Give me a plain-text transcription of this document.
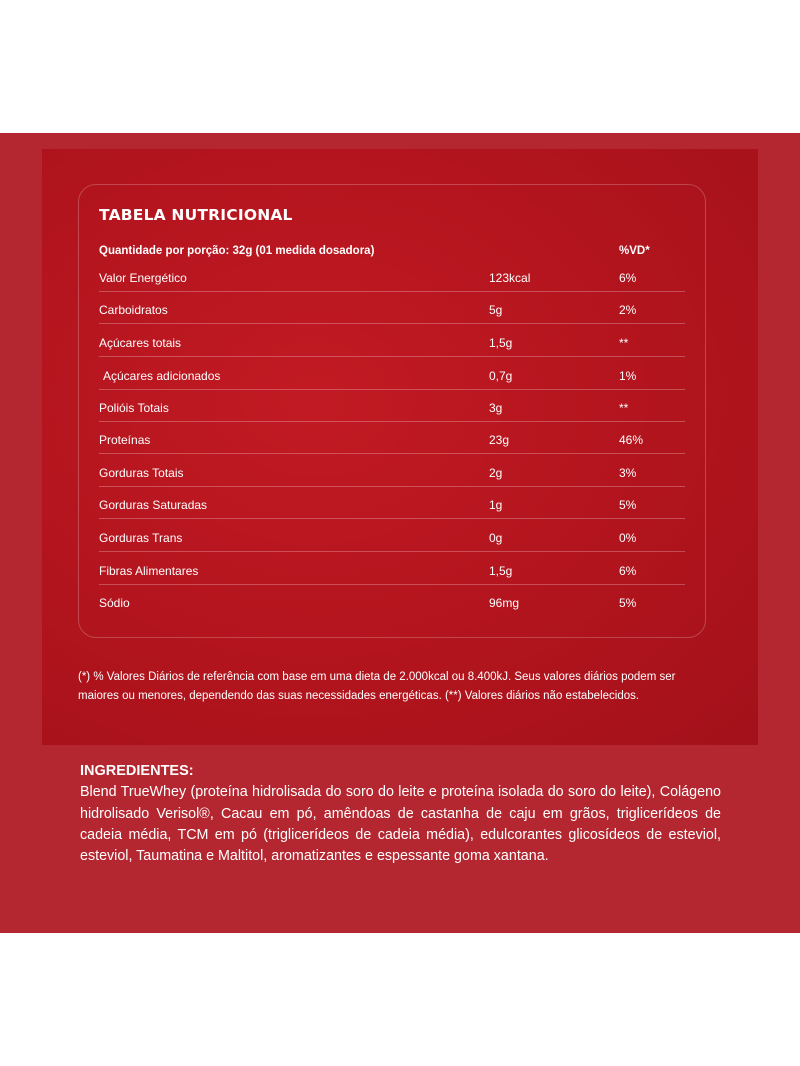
TABELA NUTRICIONAL
Quantidade por porção: 32g (01 medida dosadora)	%VD*
Valor Energético	123kcal	6%
Carboidratos	5g	2%
Açúcares totais	1,5g	**
Açúcares adicionados	0,7g	1%
Polióis Totais	3g	**
Proteínas	23g	46%
Gorduras Totais	2g	3%
Gorduras Saturadas	1g	5%
Gorduras Trans	0g	0%
Fibras Alimentares	1,5g	6%
Sódio	96mg	5%
(*) % Valores Diários de referência com base em uma dieta de 2.000kcal ou 8.400kJ. Seus valores diários podem ser maiores ou menores, dependendo das suas necessidades energéticas. (**) Valores diários não estabelecidos.
INGREDIENTES:
Blend TrueWhey (proteína hidrolisada do soro do leite e proteína isolada do soro do leite), Colágeno hidrolisado Verisol®, Cacau em pó, amêndoas de castanha de caju em grãos, triglicerídeos de cadeia média, TCM em pó (triglicerídeos de cadeia média), edulcorantes glicosídeos de esteviol, esteviol, Taumatina e Maltitol, aromatizantes e espessante goma xantana.
